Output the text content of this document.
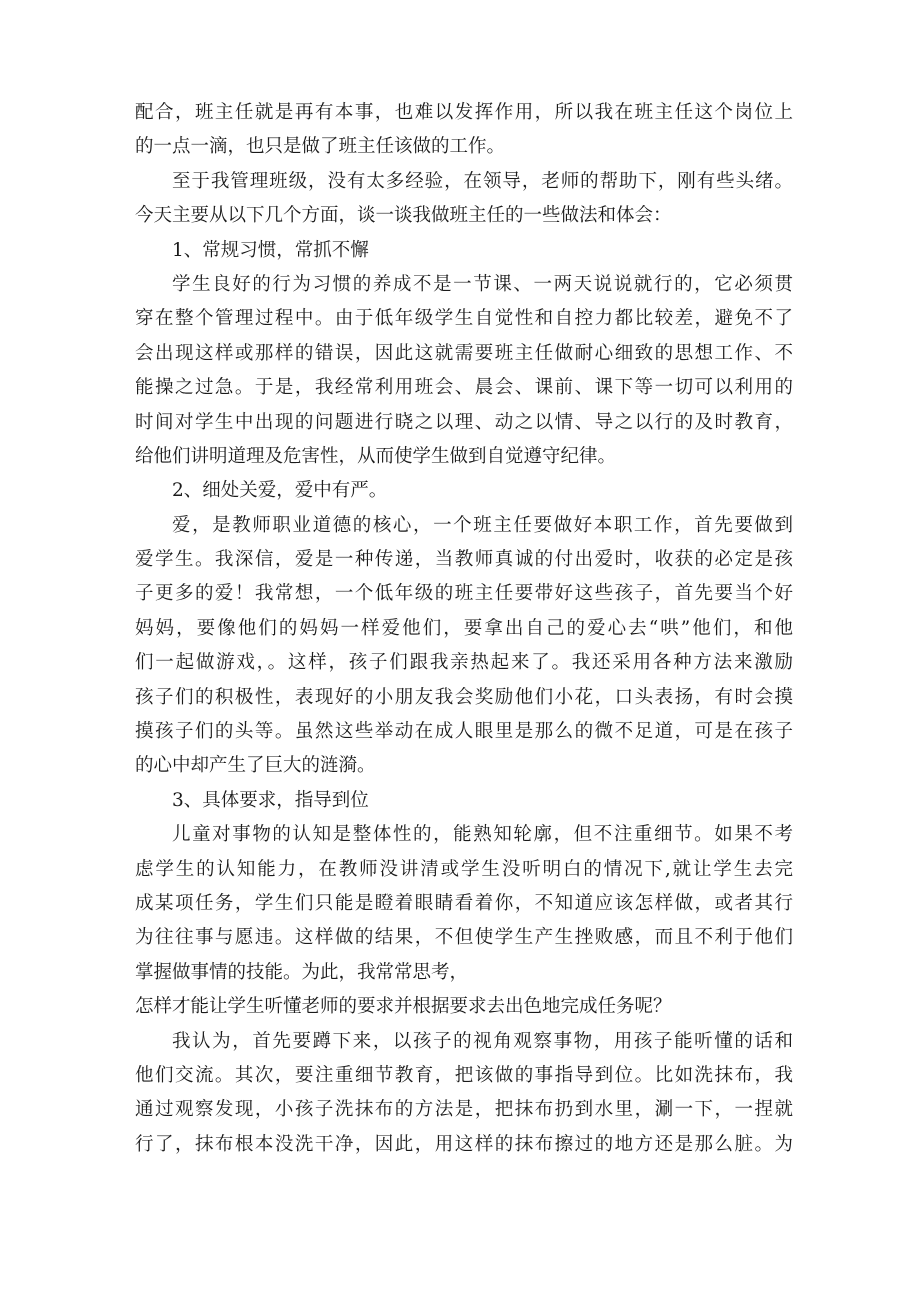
配合，班主任就是再有本事，也难以发挥作用，所以我在班主任这个岗位上
的一点一滴，也只是做了班主任该做的工作。
至于我管理班级，没有太多经验，在领导，老师的帮助下，刚有些头绪。
今天主要从以下几个方面，谈一谈我做班主任的一些做法和体会：
1、常规习惯，常抓不懈
学生良好的行为习惯的养成不是一节课、一两天说说就行的，它必须贯
穿在整个管理过程中。由于低年级学生自觉性和自控力都比较差，避免不了
会出现这样或那样的错误，因此这就需要班主任做耐心细致的思想工作、不
能操之过急。于是，我经常利用班会、晨会、课前、课下等一切可以利用的
时间对学生中出现的问题进行晓之以理、动之以情、导之以行的及时教育，
给他们讲明道理及危害性，从而使学生做到自觉遵守纪律。
2、细处关爱，爱中有严。
爱，是教师职业道德的核心，一个班主任要做好本职工作，首先要做到
爱学生。我深信，爱是一种传递，当教师真诚的付出爱时，收获的必定是孩
子更多的爱！我常想，一个低年级的班主任要带好这些孩子，首先要当个好
妈妈，要像他们的妈妈一样爱他们，要拿出自己的爱心去“哄”他们，和他
们一起做游戏，。这样，孩子们跟我亲热起来了。我还采用各种方法来激励
孩子们的积极性，表现好的小朋友我会奖励他们小花，口头表扬，有时会摸
摸孩子们的头等。虽然这些举动在成人眼里是那么的微不足道，可是在孩子
的心中却产生了巨大的涟漪。
3、具体要求，指导到位
儿童对事物的认知是整体性的，能熟知轮廓，但不注重细节。如果不考
虑学生的认知能力，在教师没讲清或学生没听明白的情况下,就让学生去完
成某项任务，学生们只能是瞪着眼睛看着你，不知道应该怎样做，或者其行
为往往事与愿违。这样做的结果，不但使学生产生挫败感，而且不利于他们
掌握做事情的技能。为此，我常常思考，
怎样才能让学生听懂老师的要求并根据要求去出色地完成任务呢？
我认为，首先要蹲下来，以孩子的视角观察事物，用孩子能听懂的话和
他们交流。其次，要注重细节教育，把该做的事指导到位。比如洗抹布，我
通过观察发现，小孩子洗抹布的方法是，把抹布扔到水里，涮一下，一捏就
行了，抹布根本没洗干净，因此，用这样的抹布擦过的地方还是那么脏。为
